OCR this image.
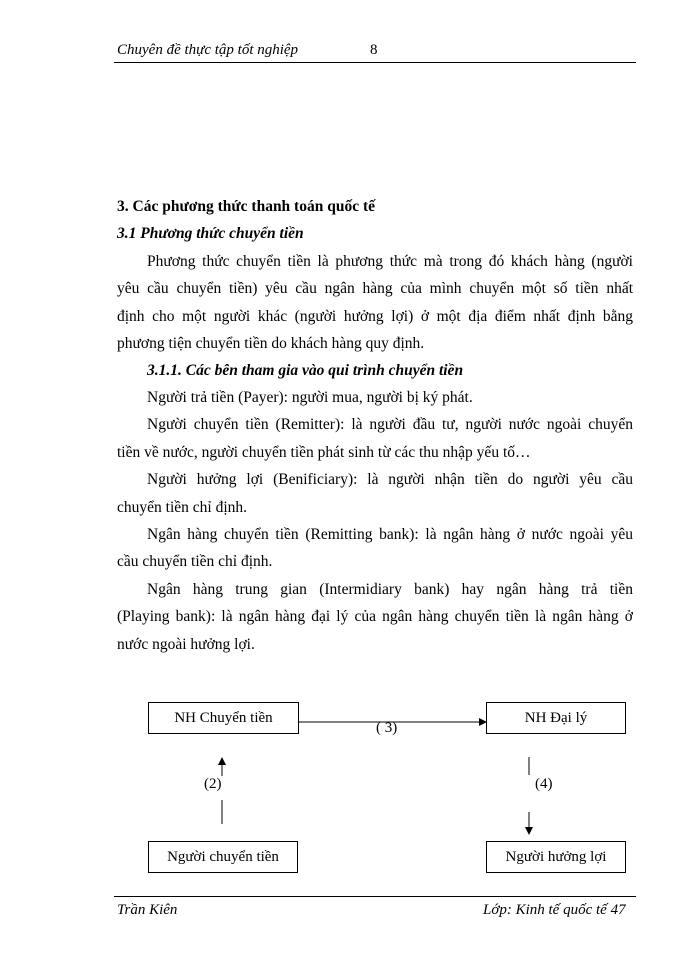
Chuyên đề thực tập tốt nghiệp	8
3. Các phương thức thanh toán quốc tế
3.1 Phương thức chuyển tiền
Phương thức chuyển tiền là phương thức mà trong đó khách hàng (người
yêu cầu chuyển tiền) yêu cầu ngân hàng của mình chuyển một số tiền nhất
định cho một người khác (người hưởng lợi) ở một địa điểm nhất định bằng
phương tiện chuyển tiền do khách hàng quy định.
3.1.1. Các bên tham gia vào qui trình chuyển tiền
Người trả tiền (Payer): người mua, người bị ký phát.
Người chuyển tiền (Remitter): là người đầu tư, người nước ngoài chuyển
tiền về nước, người chuyển tiền phát sinh từ các thu nhập yếu tố…
Người hưởng lợi (Benificiary): là người nhận tiền do người yêu cầu
chuyển tiền chỉ định.
Ngân hàng chuyển tiền (Remitting bank): là ngân hàng ở nước ngoài yêu
cầu chuyển tiền chỉ định.
Ngân hàng trung gian (Intermidiary bank) hay ngân hàng trả tiền
(Playing bank): là ngân hàng đại lý của ngân hàng chuyển tiền là ngân hàng ở
nước ngoài hưởng lợi.
NH Chuyển tiền	NH Đại lý
Người chuyển tiền	Người hưởng lợi
( 3)
(2)	(4)
Trần Kiên	Lớp: Kinh tế quốc tế 47
